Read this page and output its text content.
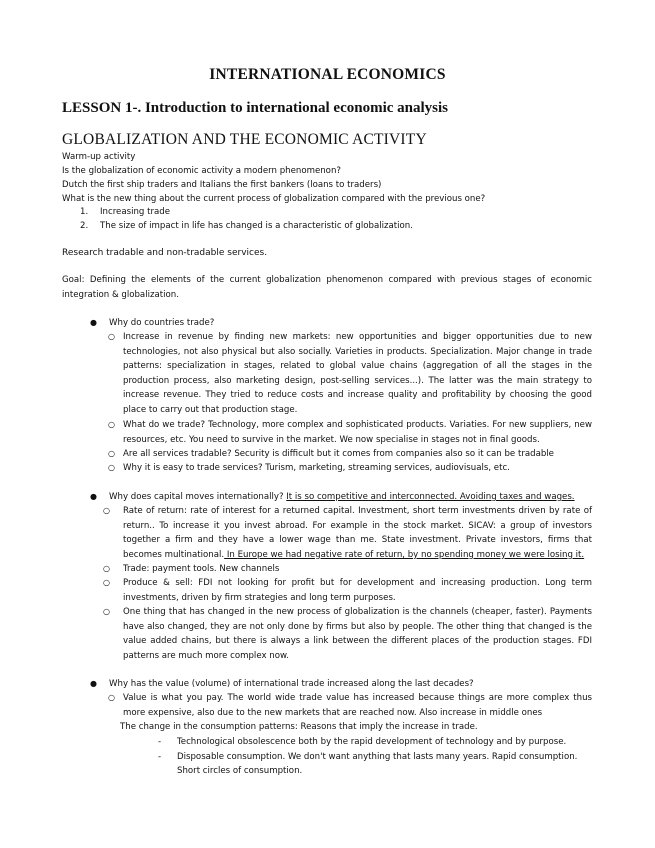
INTERNATIONAL ECONOMICS
LESSON 1-. Introduction to international economic analysis
GLOBALIZATION AND THE ECONOMIC ACTIVITY
Warm-up activity
Is the globalization of economic activity a modern phenomenon?
Dutch the first ship traders and Italians the first bankers (loans to traders)
What is the new thing about the current process of globalization compared with the previous one?
1. Increasing trade
2. The size of impact in life has changed is a characteristic of globalization.
Research tradable and non-tradable services.
Goal: Defining the elements of the current globalization phenomenon compared with previous stages of economic integration & globalization.
● Why do countries trade?
○ Increase in revenue by finding new markets: new opportunities and bigger opportunities due to new technologies, not also physical but also socially. Varieties in products. Specialization. Major change in trade patterns: specialization in stages, related to global value chains (aggregation of all the stages in the production process, also marketing design, post-selling services...). The latter was the main strategy to increase revenue. They tried to reduce costs and increase quality and profitability by choosing the good place to carry out that production stage.
○ What do we trade? Technology, more complex and sophisticated products. Variaties. For new suppliers, new resources, etc. You need to survive in the market. We now specialise in stages not in final goods.
○ Are all services tradable? Security is difficult but it comes from companies also so it can be tradable
○ Why it is easy to trade services? Turism, marketing, streaming services, audiovisuals, etc.
● Why does capital moves internationally? It is so competitive and interconnected. Avoiding taxes and wages.
○ Rate of return: rate of interest for a returned capital. Investment, short term investments driven by rate of return.. To increase it you invest abroad. For example in the stock market. SICAV: a group of investors together a firm and they have a lower wage than me. State investment. Private investors, firms that becomes multinational. In Europe we had negative rate of return, by no spending money we were losing it.
○ Trade: payment tools. New channels
○ Produce & sell: FDI not looking for profit but for development and increasing production. Long term investments, driven by firm strategies and long term purposes.
○ One thing that has changed in the new process of globalization is the channels (cheaper, faster). Payments have also changed, they are not only done by firms but also by people. The other thing that changed is the value added chains, but there is always a link between the different places of the production stages. FDI patterns are much more complex now.
● Why has the value (volume) of international trade increased along the last decades?
○ Value is what you pay. The world wide trade value has increased because things are more complex thus more expensive, also due to the new markets that are reached now. Also increase in middle ones
The change in the consumption patterns: Reasons that imply the increase in trade.
- Technological obsolescence both by the rapid development of technology and by purpose.
- Disposable consumption. We don't want anything that lasts many years. Rapid consumption.
Short circles of consumption.
